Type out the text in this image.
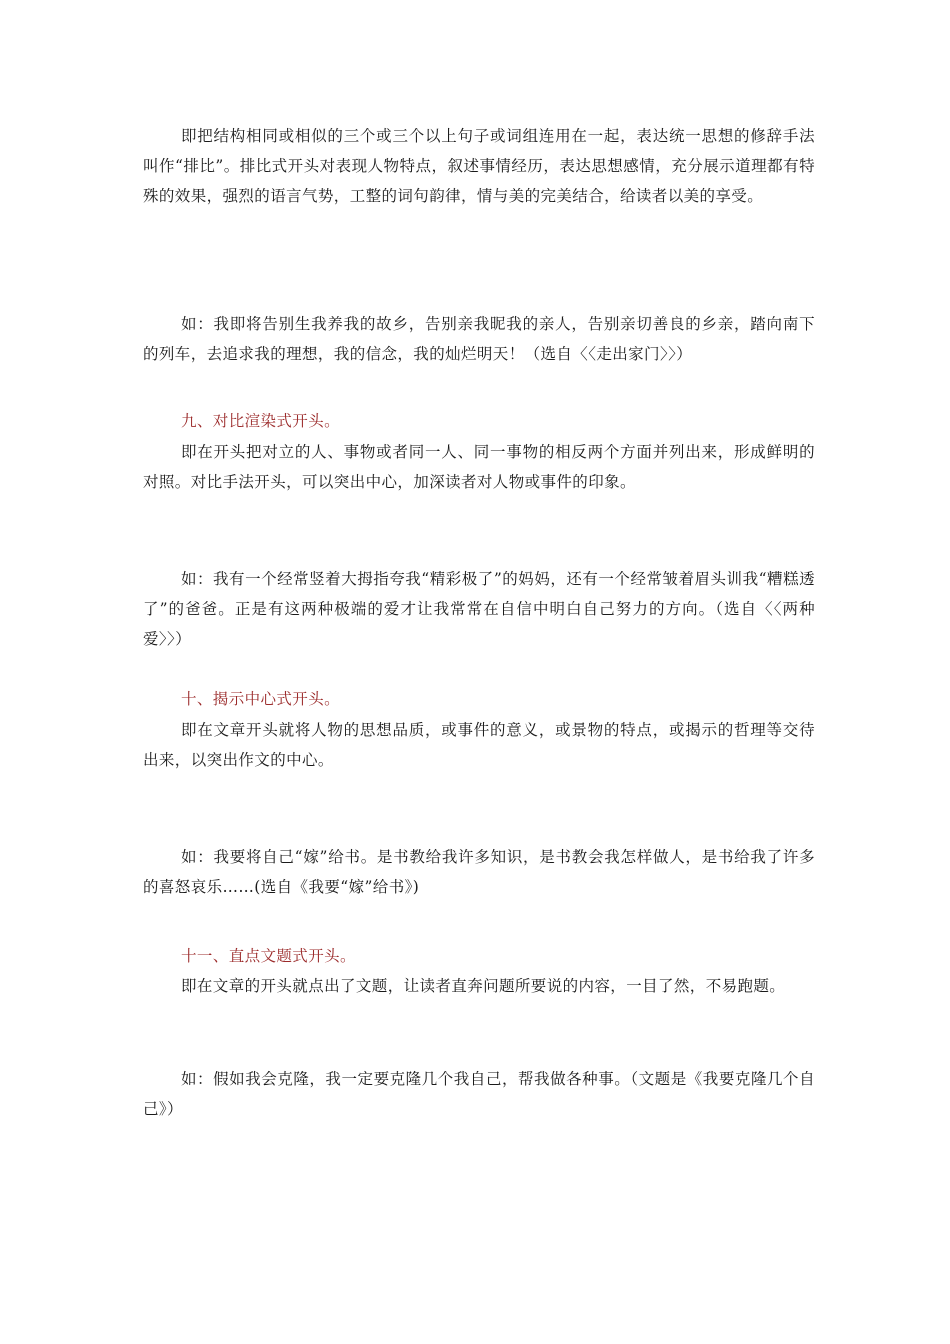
即把结构相同或相似的三个或三个以上句子或词组连用在一起，表达统一思想的修辞手法叫作“排比”。排比式开头对表现人物特点，叙述事情经历，表达思想感情，充分展示道理都有特殊的效果，强烈的语言气势，工整的词句韵律，情与美的完美结合，给读者以美的享受。

如：我即将告别生我养我的故乡，告别亲我昵我的亲人，告别亲切善良的乡亲，踏向南下的列车，去追求我的理想，我的信念，我的灿烂明天！（选自〈〈走出家门〉〉）

九、对比渲染式开头。

即在开头把对立的人、事物或者同一人、同一事物的相反两个方面并列出来，形成鲜明的对照。对比手法开头，可以突出中心，加深读者对人物或事件的印象。

如：我有一个经常竖着大拇指夸我“精彩极了”的妈妈，还有一个经常皱着眉头训我“糟糕透了”的爸爸。正是有这两种极端的爱才让我常常在自信中明白自己努力的方向。（选自〈〈两种爱〉〉）

十、揭示中心式开头。

即在文章开头就将人物的思想品质，或事件的意义，或景物的特点，或揭示的哲理等交待出来，以突出作文的中心。

如：我要将自己“嫁”给书。是书教给我许多知识，是书教会我怎样做人，是书给我了许多的喜怒哀乐……(选自《我要“嫁”给书》)

十一、直点文题式开头。

即在文章的开头就点出了文题，让读者直奔问题所要说的内容，一目了然，不易跑题。

如：假如我会克隆，我一定要克隆几个我自己，帮我做各种事。（文题是《我要克隆几个自己》）
